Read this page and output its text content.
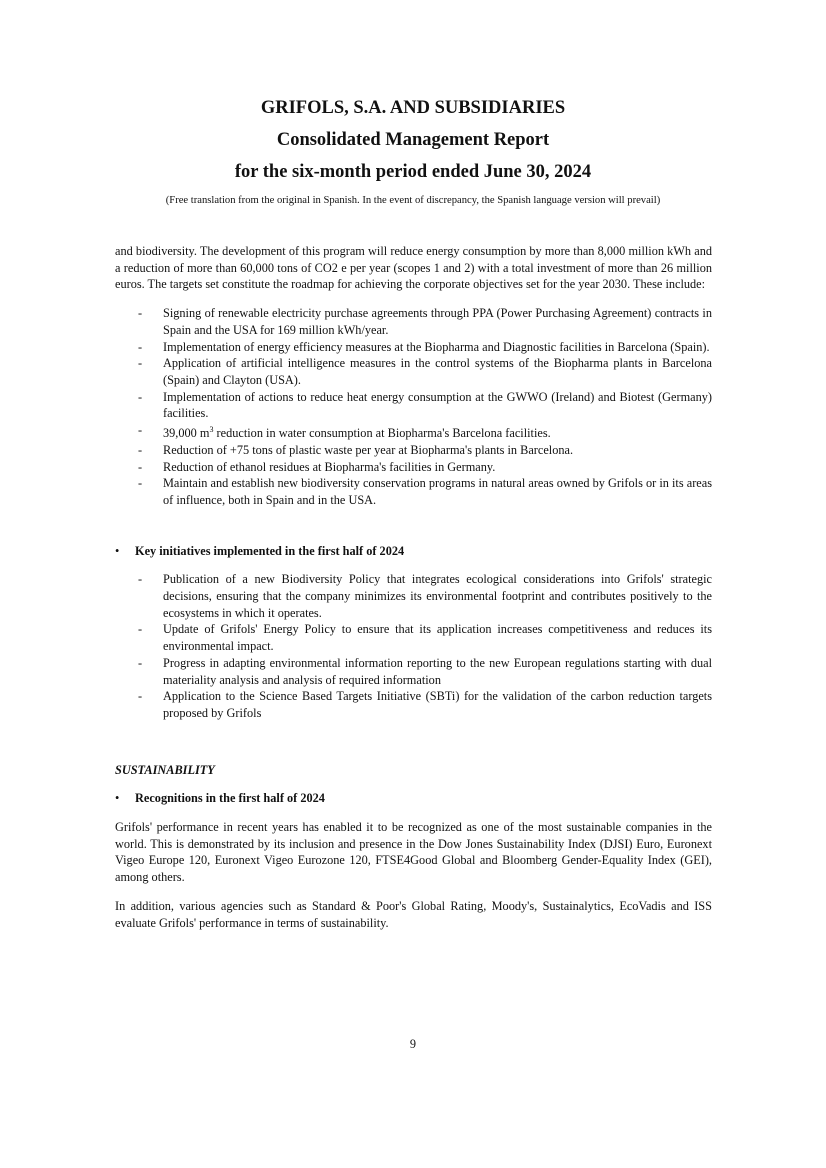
GRIFOLS, S.A. AND SUBSIDIARIES
Consolidated Management Report
for the six-month period ended June 30, 2024
(Free translation from the original in Spanish. In the event of discrepancy, the Spanish language version will prevail)

and biodiversity. The development of this program will reduce energy consumption by more than 8,000 million kWh and a reduction of more than 60,000 tons of CO2 e per year (scopes 1 and 2) with a total investment of more than 26 million euros. The targets set constitute the roadmap for achieving the corporate objectives set for the year 2030. These include:

- Signing of renewable electricity purchase agreements through PPA (Power Purchasing Agreement) contracts in Spain and the USA for 169 million kWh/year.
- Implementation of energy efficiency measures at the Biopharma and Diagnostic facilities in Barcelona (Spain).
- Application of artificial intelligence measures in the control systems of the Biopharma plants in Barcelona (Spain) and Clayton (USA).
- Implementation of actions to reduce heat energy consumption at the GWWO (Ireland) and Biotest (Germany) facilities.
- 39,000 $m^3$ reduction in water consumption at Biopharma's Barcelona facilities.
- Reduction of +75 tons of plastic waste per year at Biopharma's plants in Barcelona.
- Reduction of ethanol residues at Biopharma's facilities in Germany.
- Maintain and establish new biodiversity conservation programs in natural areas owned by Grifols or in its areas of influence, both in Spain and in the USA.
• Key initiatives implemented in the first half of 2024
- Publication of a new Biodiversity Policy that integrates ecological considerations into Grifols' strategic decisions, ensuring that the company minimizes its environmental footprint and contributes positively to the ecosystems in which it operates.
- Update of Grifols' Energy Policy to ensure that its application increases competitiveness and reduces its environmental impact.
- Progress in adapting environmental information reporting to the new European regulations starting with dual materiality analysis and analysis of required information
- Application to the Science Based Targets Initiative (SBTi) for the validation of the carbon reduction targets proposed by Grifols
SUSTAINABILITY
• Recognitions in the first half of 2024

Grifols' performance in recent years has enabled it to be recognized as one of the most sustainable companies in the world. This is demonstrated by its inclusion and presence in the Dow Jones Sustainability Index (DJSI) Euro, Euronext Vigeo Europe 120, Euronext Vigeo Eurozone 120, FTSE4Good Global and Bloomberg Gender-Equality Index (GEI), among others.

In addition, various agencies such as Standard & Poor's Global Rating, Moody's, Sustainalytics, EcoVadis and ISS evaluate Grifols' performance in terms of sustainability.

9
